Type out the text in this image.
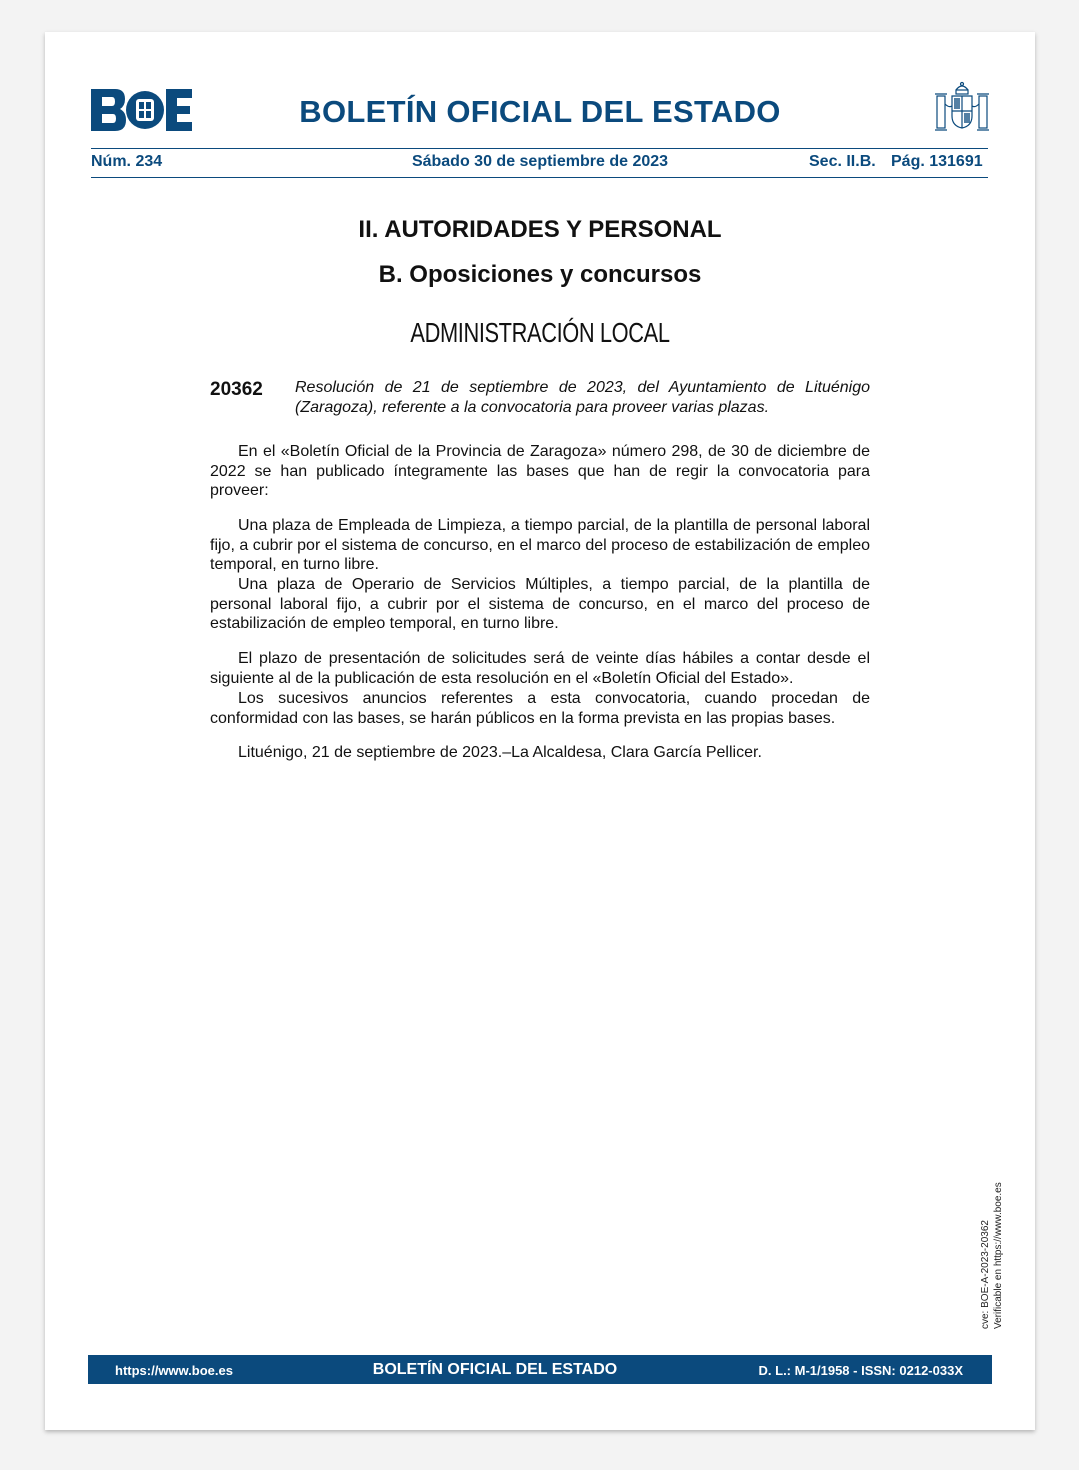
BOLETÍN OFICIAL DEL ESTADO
Núm. 234	Sábado 30 de septiembre de 2023	Sec. II.B. Pág. 131691
II. AUTORIDADES Y PERSONAL
B. Oposiciones y concursos
ADMINISTRACIÓN LOCAL
20362 Resolución de 21 de septiembre de 2023, del Ayuntamiento de Lituénigo (Zaragoza), referente a la convocatoria para proveer varias plazas.

En el «Boletín Oficial de la Provincia de Zaragoza» número 298, de 30 de diciembre de 2022 se han publicado íntegramente las bases que han de regir la convocatoria para proveer:

Una plaza de Empleada de Limpieza, a tiempo parcial, de la plantilla de personal laboral fijo, a cubrir por el sistema de concurso, en el marco del proceso de estabilización de empleo temporal, en turno libre.

Una plaza de Operario de Servicios Múltiples, a tiempo parcial, de la plantilla de personal laboral fijo, a cubrir por el sistema de concurso, en el marco del proceso de estabilización de empleo temporal, en turno libre.

El plazo de presentación de solicitudes será de veinte días hábiles a contar desde el siguiente al de la publicación de esta resolución en el «Boletín Oficial del Estado».

Los sucesivos anuncios referentes a esta convocatoria, cuando procedan de conformidad con las bases, se harán públicos en la forma prevista en las propias bases.

Lituénigo, 21 de septiembre de 2023.–La Alcaldesa, Clara García Pellicer.

cve: BOE-A-2023-20362 Verificable en https://www.boe.es
https://www.boe.es	BOLETÍN OFICIAL DEL ESTADO	D. L.: M-1/1958 - ISSN: 0212-033X
